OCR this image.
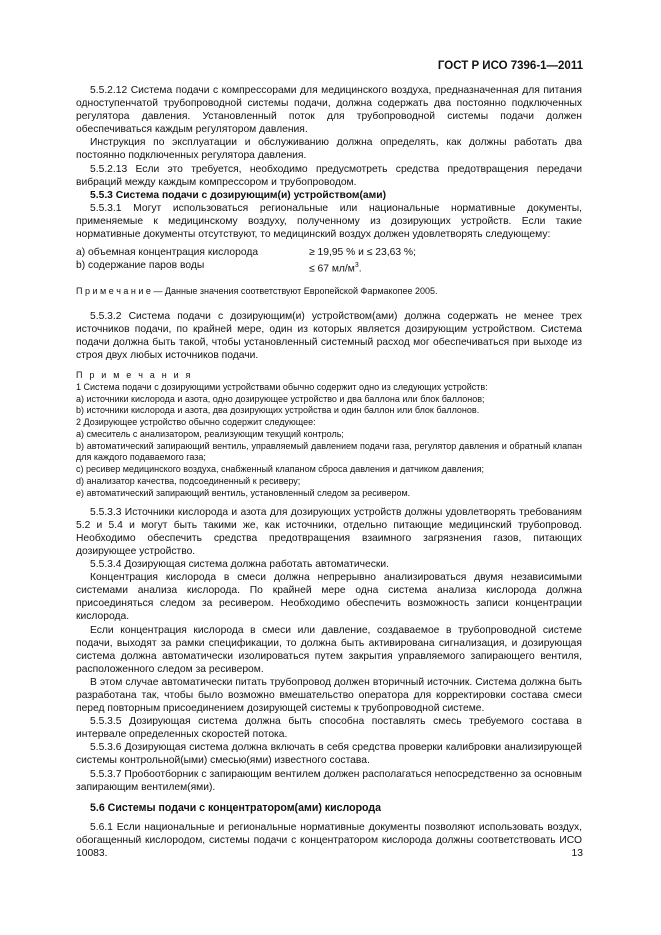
ГОСТ Р ИСО 7396-1—2011

5.5.2.12 Система подачи с компрессорами для медицинского воздуха, предназначенная для питания одноступенчатой трубопроводной системы подачи, должна содержать два постоянно подключенных регулятора давления. Установленный поток для трубопроводной системы подачи должен обеспечиваться каждым регулятором давления.

Инструкция по эксплуатации и обслуживанию должна определять, как должны работать два постоянно подключенных регулятора давления.

5.5.2.13 Если это требуется, необходимо предусмотреть средства предотвращения передачи вибраций между каждым компрессором и трубопроводом.

5.5.3 Система подачи с дозирующим(и) устройством(ами)

5.5.3.1 Могут использоваться региональные или национальные нормативные документы, применяемые к медицинскому воздуху, полученному из дозирующих устройств. Если такие нормативные документы отсутствуют, то медицинский воздух должен удовлетворять следующему:

а) объемная концентрация кислорода	≥ 19,95 % и ≤ 23,63 %;
b) содержание паров воды	≤ 67 $мл/м^3$.

П р и м е ч а н и е — Данные значения соответствуют Европейской Фармакопее 2005.

5.5.3.2 Система подачи с дозирующим(и) устройством(ами) должна содержать не менее трех источников подачи, по крайней мере, один из которых является дозирующим устройством. Система подачи должна быть такой, чтобы установленный системный расход мог обеспечиваться при выходе из строя двух любых источников подачи.

П р и м е ч а н и я
1 Система подачи с дозирующими устройствами обычно содержит одно из следующих устройств:
а) источники кислорода и азота, одно дозирующее устройство и два баллона или блок баллонов;
b) источники кислорода и азота, два дозирующих устройства и один баллон или блок баллонов.
2 Дозирующее устройство обычно содержит следующее:
а) смеситель с анализатором, реализующим текущий контроль;
b) автоматический запирающий вентиль, управляемый давлением подачи газа, регулятор давления и обратный клапан для каждого подаваемого газа;
с) ресивер медицинского воздуха, снабженный клапаном сброса давления и датчиком давления;
d) анализатор качества, подсоединенный к ресиверу;
е) автоматический запирающий вентиль, установленный следом за ресивером.

5.5.3.3 Источники кислорода и азота для дозирующих устройств должны удовлетворять требованиям 5.2 и 5.4 и могут быть такими же, как источники, отдельно питающие медицинский трубопровод. Необходимо обеспечить средства предотвращения взаимного загрязнения газов, питающих дозирующее устройство.

5.5.3.4 Дозирующая система должна работать автоматически.

Концентрация кислорода в смеси должна непрерывно анализироваться двумя независимыми системами анализа кислорода. По крайней мере одна система анализа кислорода должна присоединяться следом за ресивером. Необходимо обеспечить возможность записи концентрации кислорода.

Если концентрация кислорода в смеси или давление, создаваемое в трубопроводной системе подачи, выходят за рамки спецификации, то должна быть активирована сигнализация, и дозирующая система должна автоматически изолироваться путем закрытия управляемого запирающего вентиля, расположенного следом за ресивером.

В этом случае автоматически питать трубопровод должен вторичный источник. Система должна быть разработана так, чтобы было возможно вмешательство оператора для корректировки состава смеси перед повторным присоединением дозирующей системы к трубопроводной системе.

5.5.3.5 Дозирующая система должна быть способна поставлять смесь требуемого состава в интервале определенных скоростей потока.

5.5.3.6 Дозирующая система должна включать в себя средства проверки калибровки анализирующей системы контрольной(ыми) смесью(ями) известного состава.

5.5.3.7 Пробоотборник с запирающим вентилем должен располагаться непосредственно за основным запирающим вентилем(ями).

5.6 Системы подачи с концентратором(ами) кислорода

5.6.1 Если национальные и региональные нормативные документы позволяют использовать воздух, обогащенный кислородом, системы подачи с концентратором кислорода должны соответствовать ИСО 10083.	13
